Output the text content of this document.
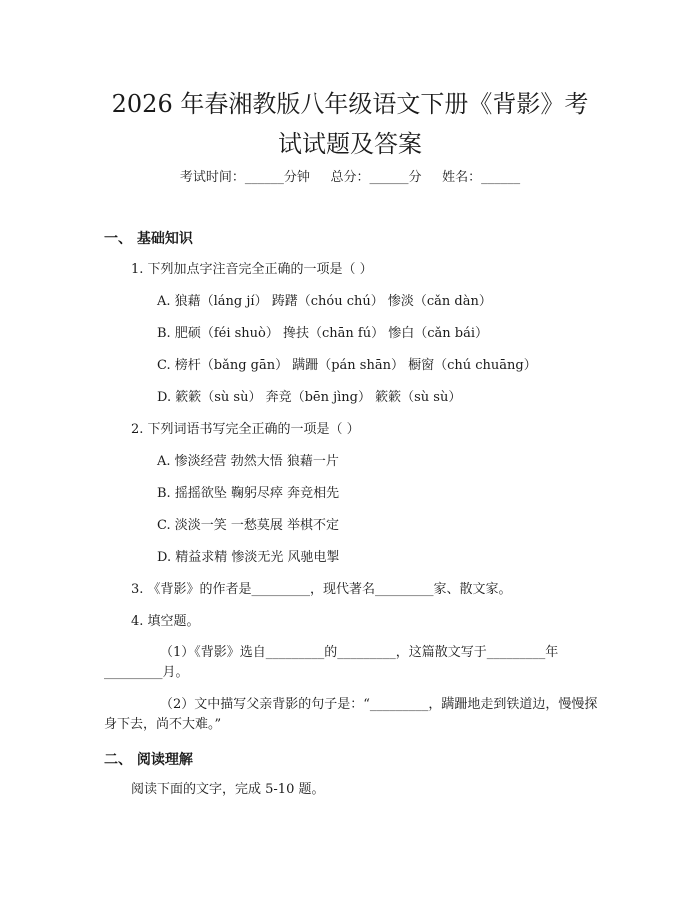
2026 年春湘教版八年级语文下册《背影》考
试试题及答案
考试时间：______分钟     总分：______分     姓名：______
一、 基础知识
1. 下列加点字注音完全正确的一项是（ ）
A. 狼藉（láng jí） 踌躇（chóu chú） 惨淡（cǎn dàn）
B. 肥硕（féi shuò） 搀扶（chān fú） 惨白（cǎn bái）
C. 榜杆（bǎng gān） 蹒跚（pán shān） 橱窗（chú chuāng）
D. 簌簌（sù sù） 奔竞（bēn jìng） 簌簌（sù sù）
2. 下列词语书写完全正确的一项是（ ）
A. 惨淡经营 勃然大悟 狼藉一片
B. 摇摇欲坠 鞠躬尽瘁 奔竞相先
C. 淡淡一笑 一愁莫展 举棋不定
D. 精益求精 惨淡无光 风驰电掣
3. 《背影》的作者是_________，现代著名_________家、散文家。
4. 填空题。
（1）《背影》选自_________的_________，这篇散文写于_________年_________月。
（2）文中描写父亲背影的句子是：“_________，蹒跚地走到铁道边，慢慢探身下去，尚不大难。”
二、 阅读理解
阅读下面的文字，完成 5-10 题。
